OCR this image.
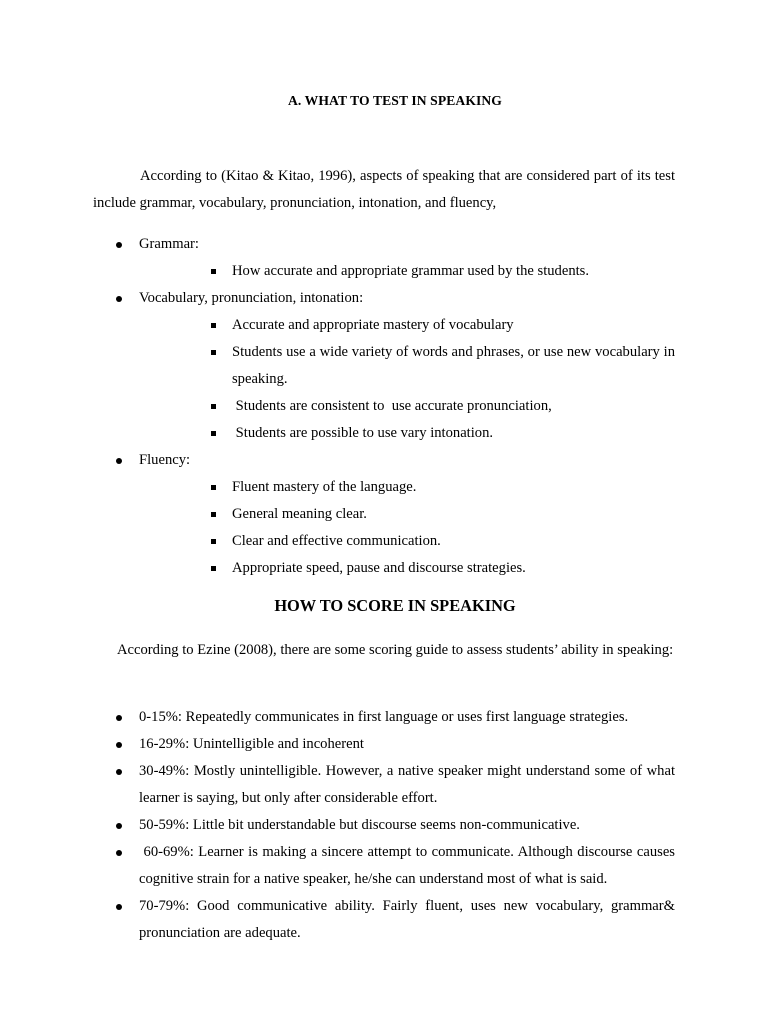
A. WHAT TO TEST IN SPEAKING
According to (Kitao & Kitao, 1996), aspects of speaking that are considered part of its test include grammar, vocabulary, pronunciation, intonation, and fluency,
Grammar:
How accurate and appropriate grammar used by the students.
Vocabulary, pronunciation, intonation:
Accurate and appropriate mastery of vocabulary
Students use a wide variety of words and phrases, or use new vocabulary in speaking.
Students are consistent to  use accurate pronunciation,
Students are possible to use vary intonation.
Fluency:
Fluent mastery of the language.
General meaning clear.
Clear and effective communication.
Appropriate speed, pause and discourse strategies.
HOW TO SCORE IN SPEAKING
According to Ezine (2008), there are some scoring guide to assess students’ ability in speaking:
0-15%: Repeatedly communicates in first language or uses first language strategies.
16-29%: Unintelligible and incoherent
30-49%: Mostly unintelligible. However, a native speaker might understand some of what learner is saying, but only after considerable effort.
50-59%: Little bit understandable but discourse seems non-communicative.
60-69%: Learner is making a sincere attempt to communicate. Although discourse causes cognitive strain for a native speaker, he/she can understand most of what is said.
70-79%: Good communicative ability. Fairly fluent, uses new vocabulary, grammar& pronunciation are adequate.
